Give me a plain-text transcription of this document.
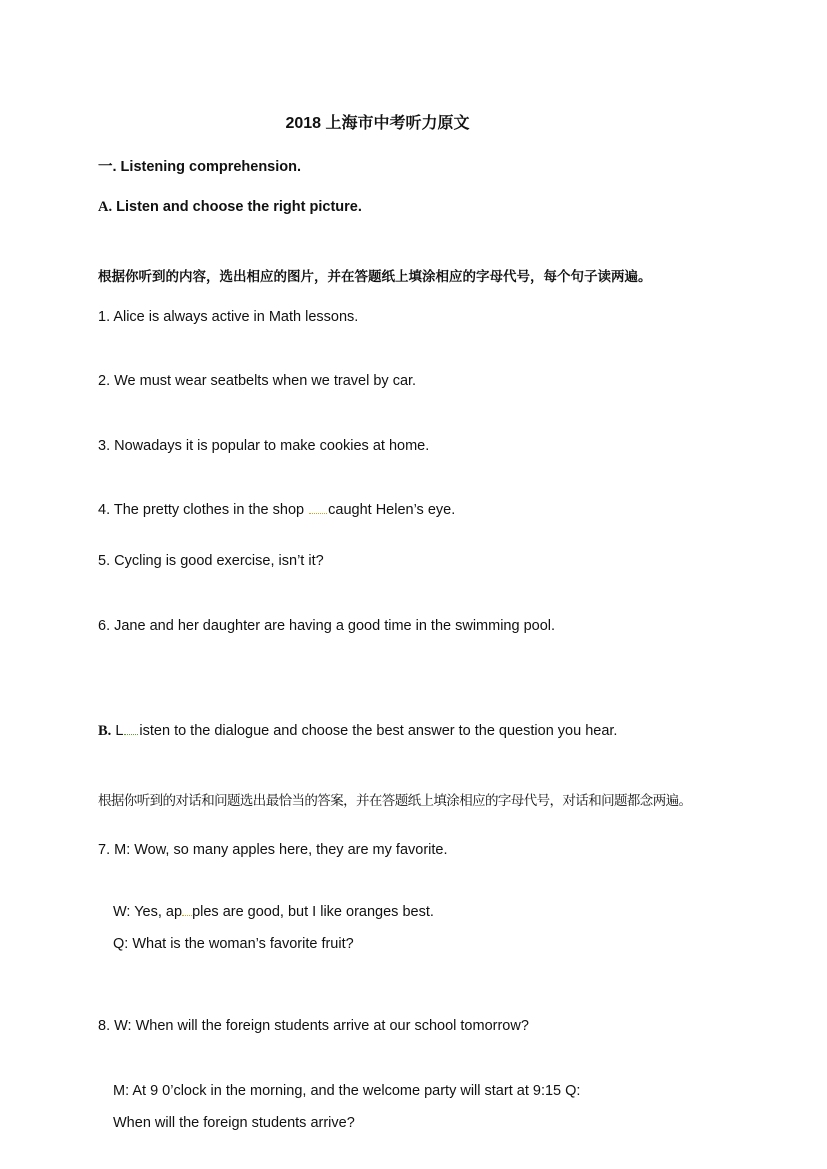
2018 上海市中考听力原文
一. Listening comprehension.
A. Listen and choose the right picture.
根据你听到的内容，选出相应的图片，并在答题纸上填涂相应的字母代号，每个句子读两遍。
1. Alice is always active in Math lessons.
2. We must wear seatbelts when we travel by car.
3. Nowadays it is popular to make cookies at home.
4. The pretty clothes in the shop caught Helen’s eye.
5. Cycling is good exercise, isn’t it?
6. Jane and her daughter are having a good time in the swimming pool.
B. L isten to the dialogue and choose the best answer to the question you hear.
根据你听到的对话和问题选出最恰当的答案，并在答题纸上填涂相应的字母代号，对话和问题都念两遍。
7. M: Wow, so many apples here, they are my favorite.
W: Yes, ap ples are good, but I like oranges best.
Q: What is the woman’s favorite fruit?
8. W: When will the foreign students arrive at our school tomorrow?
M: At 9 0’clock in the morning, and the welcome party will start at 9:15 Q:
When will the foreign students arrive?
